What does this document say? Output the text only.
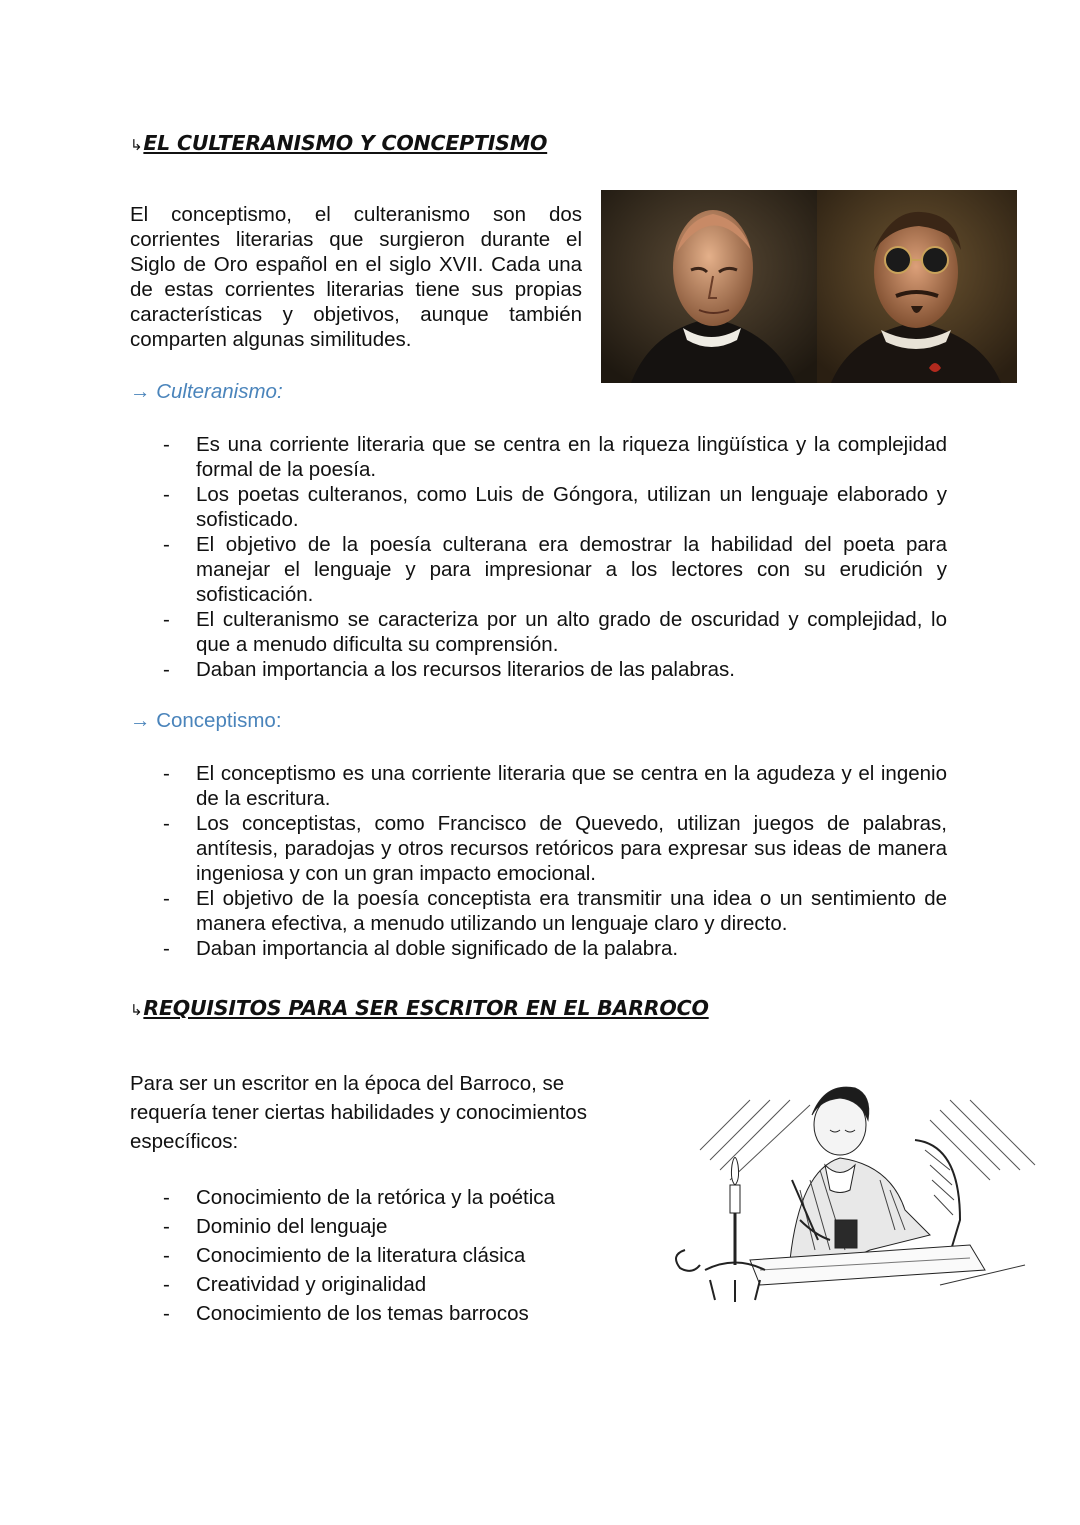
↳EL CULTERANISMO Y CONCEPTISMO
El conceptismo, el culteranismo son dos corrientes literarias que surgieron durante el Siglo de Oro español en el siglo XVII. Cada una de estas corrientes literarias tiene sus propias características y objetivos, aunque también comparten algunas similitudes.
→ Culteranismo:
- Es una corriente literaria que se centra en la riqueza lingüística y la complejidad formal de la poesía.
- Los poetas culteranos, como Luis de Góngora, utilizan un lenguaje elaborado y sofisticado.
- El objetivo de la poesía culterana era demostrar la habilidad del poeta para manejar el lenguaje y para impresionar a los lectores con su erudición y sofisticación.
- El culteranismo se caracteriza por un alto grado de oscuridad y complejidad, lo que a menudo dificulta su comprensión.
- Daban importancia a los recursos literarios de las palabras.
→ Conceptismo:
- El conceptismo es una corriente literaria que se centra en la agudeza y el ingenio de la escritura.
- Los conceptistas, como Francisco de Quevedo, utilizan juegos de palabras, antítesis, paradojas y otros recursos retóricos para expresar sus ideas de manera ingeniosa y con un gran impacto emocional.
- El objetivo de la poesía conceptista era transmitir una idea o un sentimiento de manera efectiva, a menudo utilizando un lenguaje claro y directo.
- Daban importancia al doble significado de la palabra.
↳REQUISITOS PARA SER ESCRITOR EN EL BARROCO
Para ser un escritor en la época del Barroco, se requería tener ciertas habilidades y conocimientos específicos:
- Conocimiento de la retórica y la poética
- Dominio del lenguaje
- Conocimiento de la literatura clásica
- Creatividad y originalidad
- Conocimiento de los temas barrocos
